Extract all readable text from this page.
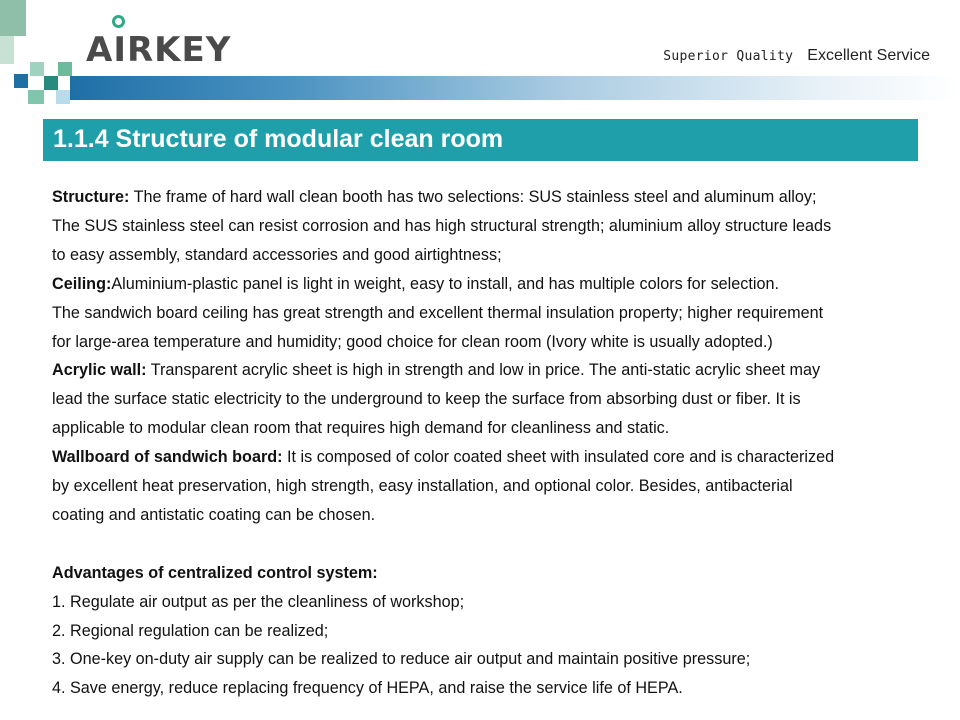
AIRKEY	Superior Quality Excellent Service
1.1.4 Structure of modular clean room

Structure: The frame of hard wall clean booth has two selections: SUS stainless steel and aluminum alloy;

The SUS stainless steel can resist corrosion and has high structural strength; aluminium alloy structure leads

to easy assembly, standard accessories and good airtightness;

Ceiling:Aluminium-plastic panel is light in weight, easy to install, and has multiple colors for selection.

The sandwich board ceiling has great strength and excellent thermal insulation property; higher requirement

for large-area temperature and humidity; good choice for clean room (Ivory white is usually adopted.)

Acrylic wall: Transparent acrylic sheet is high in strength and low in price. The anti-static acrylic sheet may

lead the surface static electricity to the underground to keep the surface from absorbing dust or fiber. It is

applicable to modular clean room that requires high demand for cleanliness and static.

Wallboard of sandwich board: It is composed of color coated sheet with insulated core and is characterized

by excellent heat preservation, high strength, easy installation, and optional color. Besides, antibacterial

coating and antistatic coating can be chosen.

Advantages of centralized control system:

1. Regulate air output as per the cleanliness of workshop;

2. Regional regulation can be realized;

3. One-key on-duty air supply can be realized to reduce air output and maintain positive pressure;

4. Save energy, reduce replacing frequency of HEPA, and raise the service life of HEPA.
